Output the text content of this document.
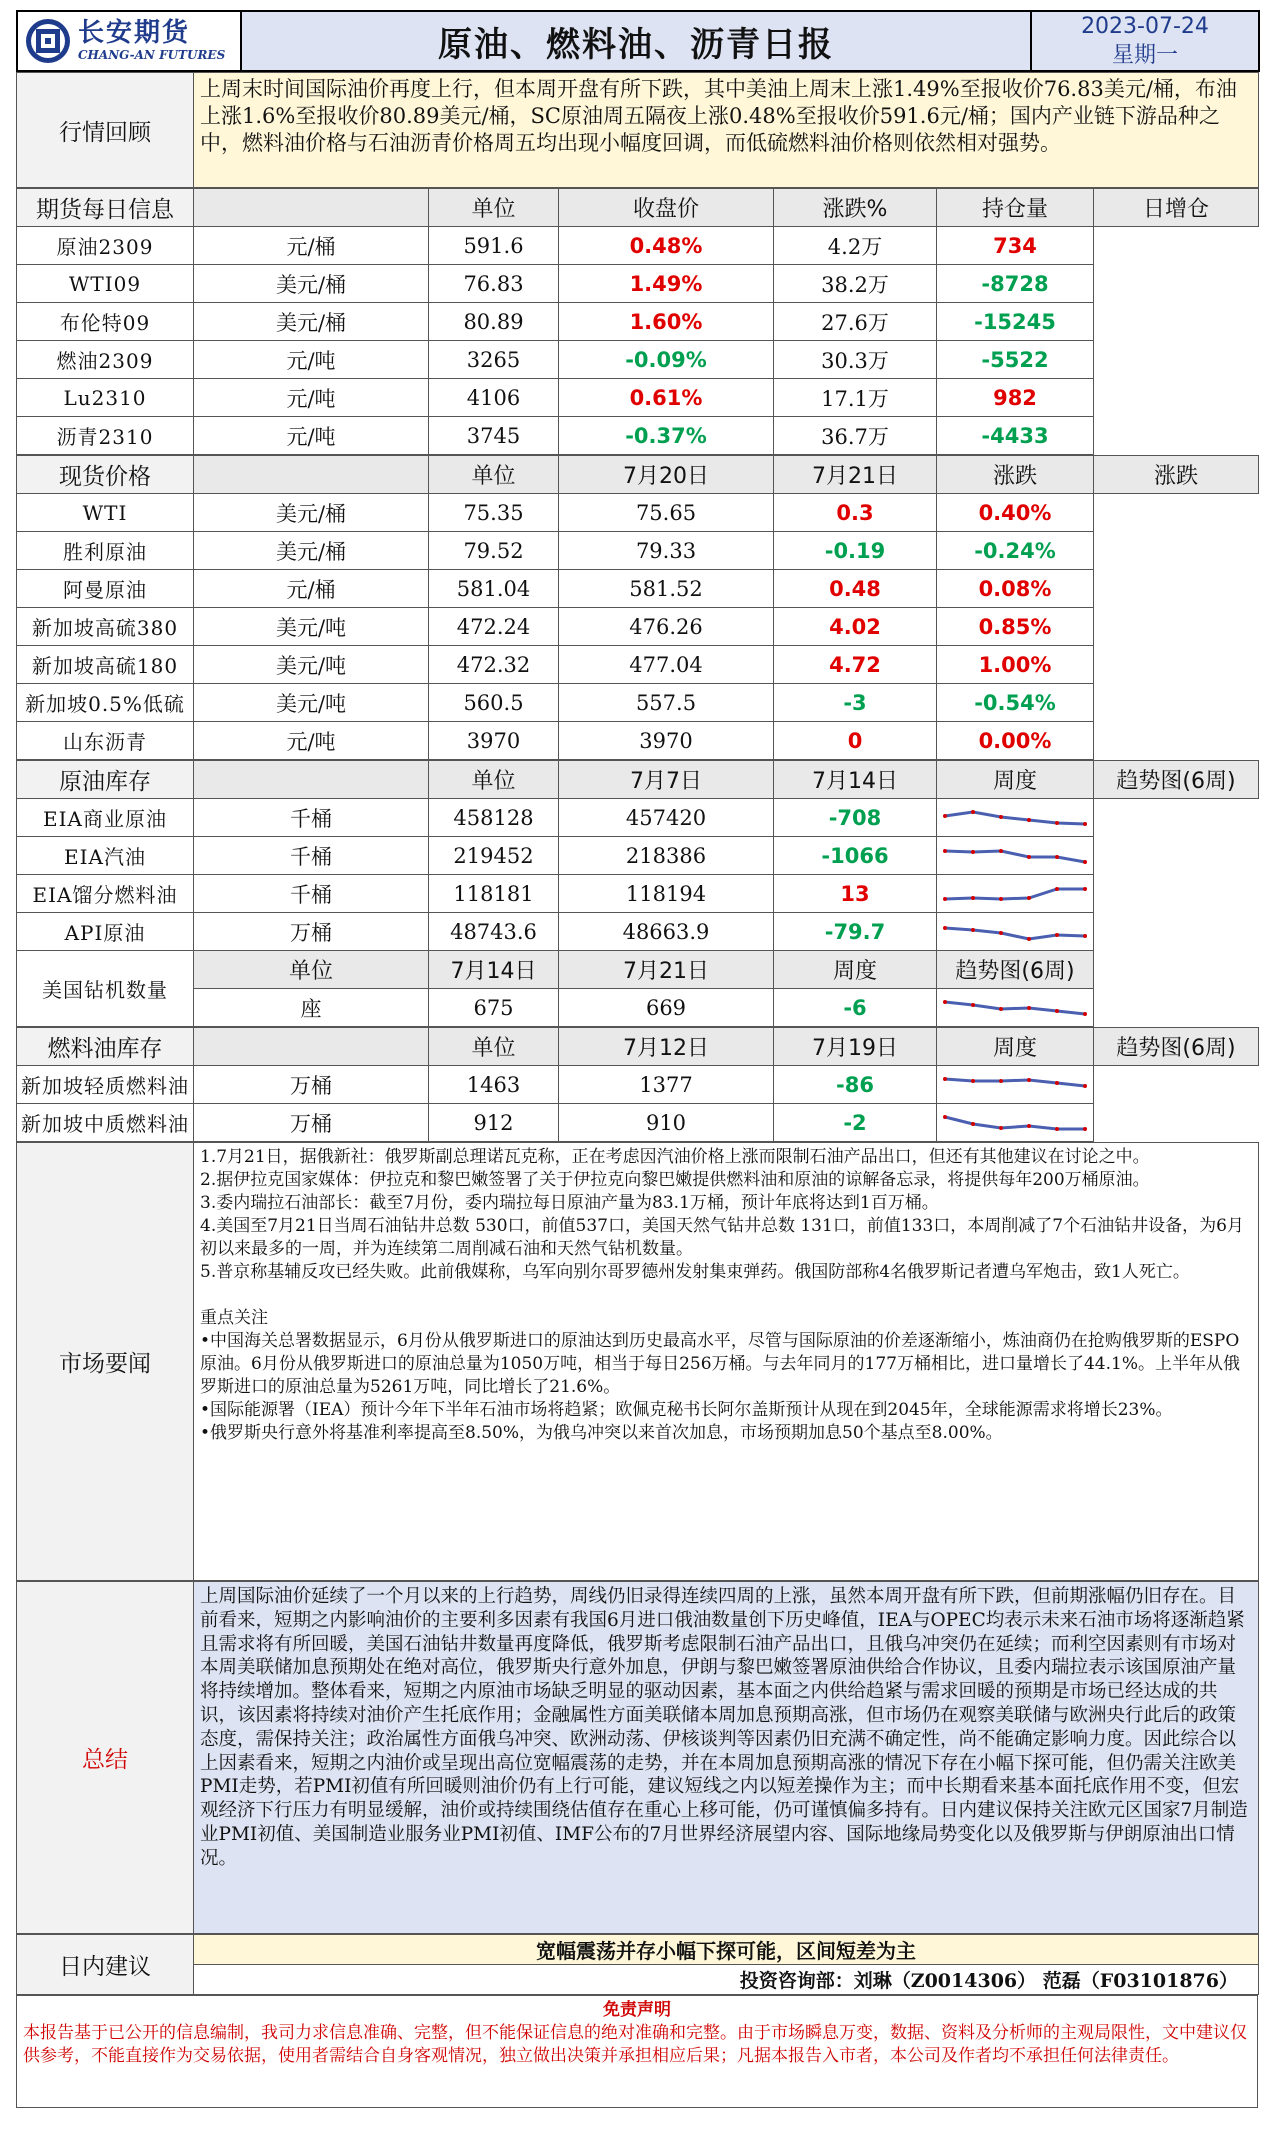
长安期货
CHANG-AN FUTURES	原油、燃料油、沥青日报	2023-07-24
星期一
行情回顾	上周末时间国际油价再度上行，但本周开盘有所下跌，其中美油上周末上涨1.49%至报收价76.83美元/桶，布油上涨1.6%至报收价80.89美元/桶，SC原油周五隔夜上涨0.48%至报收价591.6元/桶；国内产业链下游品种之中，燃料油价格与石油沥青价格周五均出现小幅度回调，而低硫燃料油价格则依然相对强势。
期货每日信息		单位	收盘价	涨跌%	持仓量	日增仓
原油2309	元/桶	591.6	0.48%	4.2万	734	
WTI09	美元/桶	76.83	1.49%	38.2万	-8728	
布伦特09	美元/桶	80.89	1.60%	27.6万	-15245	
燃油2309	元/吨	3265	-0.09%	30.3万	-5522	
Lu2310	元/吨	4106	0.61%	17.1万	982	
沥青2310	元/吨	3745	-0.37%	36.7万	-4433	
现货价格		单位	7月20日	7月21日	涨跌	涨跌
WTI	美元/桶	75.35	75.65	0.3	0.40%	
胜利原油	美元/桶	79.52	79.33	-0.19	-0.24%	
阿曼原油	元/桶	581.04	581.52	0.48	0.08%	
新加坡高硫380	美元/吨	472.24	476.26	4.02	0.85%	
新加坡高硫180	美元/吨	472.32	477.04	4.72	1.00%	
新加坡0.5%低硫	美元/吨	560.5	557.5	-3	-0.54%	
山东沥青	元/吨	3970	3970	0	0.00%	
原油库存		单位	7月7日	7月14日	周度	趋势图(6周)
EIA商业原油	千桶	458128	457420	-708	

EIA汽油	千桶	219452	218386	-1066	

EIA馏分燃料油	千桶	118181	118194	13	

API原油	万桶	48743.6	48663.9	-79.7	

美国钻机数量	单位	7月14日	7月21日	周度	趋势图(6周)	
	座	675	669	-6	
燃料油库存		单位	7月12日	7月19日	周度	趋势图(6周)
新加坡轻质燃料油	万桶	1463	1377	-86	

新加坡中质燃料油	万桶	912	910	-2	
市场要闻	

1.7月21日，据俄新社：俄罗斯副总理诺瓦克称，正在考虑因汽油价格上涨而限制石油产品出口，但还有其他建议在讨论之中。

2.据伊拉克国家媒体：伊拉克和黎巴嫩签署了关于伊拉克向黎巴嫩提供燃料油和原油的谅解备忘录，将提供每年200万桶原油。

3.委内瑞拉石油部长：截至7月份，委内瑞拉每日原油产量为83.1万桶，预计年底将达到1百万桶。

4.美国至7月21日当周石油钻井总数 530口，前值537口，美国天然气钻井总数 131口，前值133口，本周削减了7个石油钻井设备，为6月初以来最多的一周，并为连续第二周削减石油和天然气钻机数量。

5.普京称基辅反攻已经失败。此前俄媒称，乌军向别尔哥罗德州发射集束弹药。俄国防部称4名俄罗斯记者遭乌军炮击，致1人死亡。

重点关注

•中国海关总署数据显示，6月份从俄罗斯进口的原油达到历史最高水平，尽管与国际原油的价差逐渐缩小，炼油商仍在抢购俄罗斯的ESPO原油。6月份从俄罗斯进口的原油总量为1050万吨，相当于每日256万桶。与去年同月的177万桶相比，进口量增长了44.1%。上半年从俄罗斯进口的原油总量为5261万吨，同比增长了21.6%。

•国际能源署（IEA）预计今年下半年石油市场将趋紧；欧佩克秘书长阿尔盖斯预计从现在到2045年，全球能源需求将增长23%。

•俄罗斯央行意外将基准利率提高至8.50%，为俄乌冲突以来首次加息，市场预期加息50个基点至8.00%。

总结	上周国际油价延续了一个月以来的上行趋势，周线仍旧录得连续四周的上涨，虽然本周开盘有所下跌，但前期涨幅仍旧存在。目前看来，短期之内影响油价的主要利多因素有我国6月进口俄油数量创下历史峰值，IEA与OPEC均表示未来石油市场将逐渐趋紧且需求将有所回暖，美国石油钻井数量再度降低，俄罗斯考虑限制石油产品出口，且俄乌冲突仍在延续；而利空因素则有市场对本周美联储加息预期处在绝对高位，俄罗斯央行意外加息，伊朗与黎巴嫩签署原油供给合作协议，且委内瑞拉表示该国原油产量将持续增加。整体看来，短期之内原油市场缺乏明显的驱动因素，基本面之内供给趋紧与需求回暖的预期是市场已经达成的共识，该因素将持续对油价产生托底作用；金融属性方面美联储本周加息预期高涨，但市场仍在观察美联储与欧洲央行此后的政策态度，需保持关注；政治属性方面俄乌冲突、欧洲动荡、伊核谈判等因素仍旧充满不确定性，尚不能确定影响力度。因此综合以上因素看来，短期之内油价或呈现出高位宽幅震荡的走势，并在本周加息预期高涨的情况下存在小幅下探可能，但仍需关注欧美PMI走势，若PMI初值有所回暖则油价仍有上行可能，建议短线之内以短差操作为主；而中长期看来基本面托底作用不变，但宏观经济下行压力有明显缓解，油价或持续围绕估值存在重心上移可能，仍可谨慎偏多持有。日内建议保持关注欧元区国家7月制造业PMI初值、美国制造业服务业PMI初值、IMF公布的7月世界经济展望内容、国际地缘局势变化以及俄罗斯与伊朗原油出口情况。
日内建议	宽幅震荡并存小幅下探可能，区间短差为主
投资咨询部：刘琳（Z0014306） 范磊（F03101876）
免责声明
本报告基于已公开的信息编制，我司力求信息准确、完整，但不能保证信息的绝对准确和完整。由于市场瞬息万变，数据、资料及分析师的主观局限性，文中建议仅供参考，不能直接作为交易依据，使用者需结合自身客观情况，独立做出决策并承担相应后果；凡据本报告入市者，本公司及作者均不承担任何法律责任。
